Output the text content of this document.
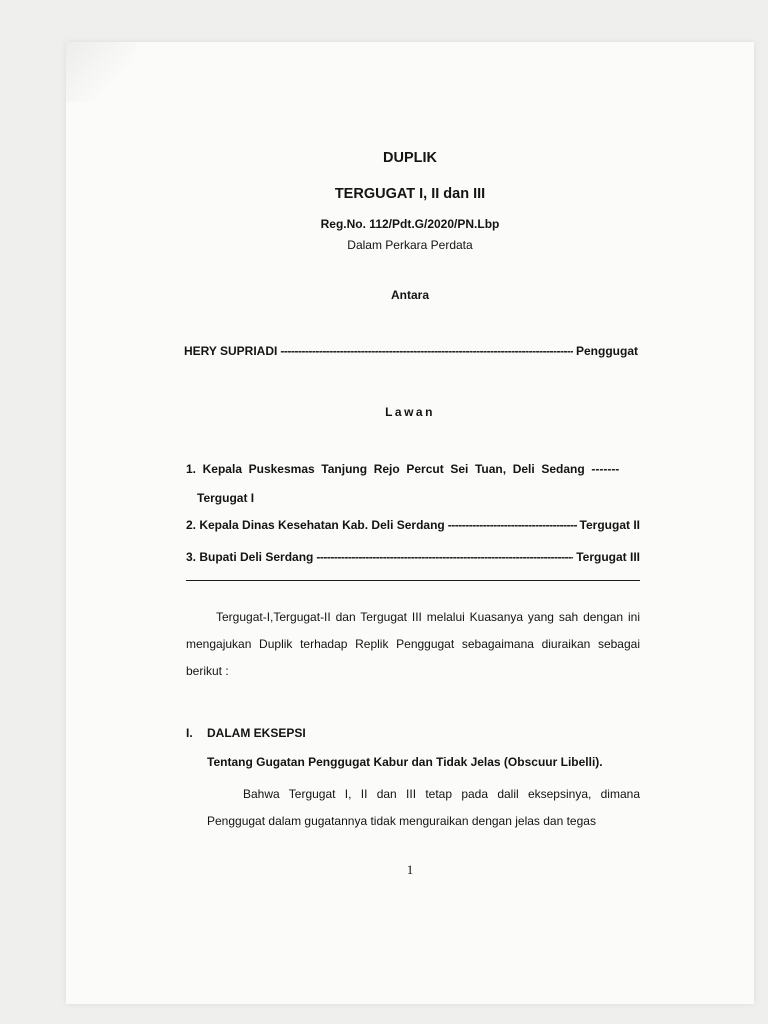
DUPLIK

TERGUGAT I, II dan III

Reg.No. 112/Pdt.G/2020/PN.Lbp

Dalam Perkara Perdata

Antara

HERY SUPRIADI -----	Penggugat

Lawan

1. Kepala Puskesmas Tanjung Rejo Percut Sei Tuan, Deli Sedang -------
Tergugat I
2. Kepala Dinas Kesehatan Kab. Deli Serdang -----	Tergugat II
3. Bupati Deli Serdang -----	Tergugat III

Tergugat-I,Tergugat-II dan Tergugat III melalui Kuasanya yang sah dengan ini mengajukan Duplik terhadap Replik Penggugat sebagaimana diuraikan sebagai berikut :

I. DALAM EKSEPSI
Tentang Gugatan Penggugat Kabur dan Tidak Jelas (Obscuur Libelli).

Bahwa Tergugat I, II dan III tetap pada dalil eksepsinya, dimana Penggugat dalam gugatannya tidak menguraikan dengan jelas dan tegas

1
